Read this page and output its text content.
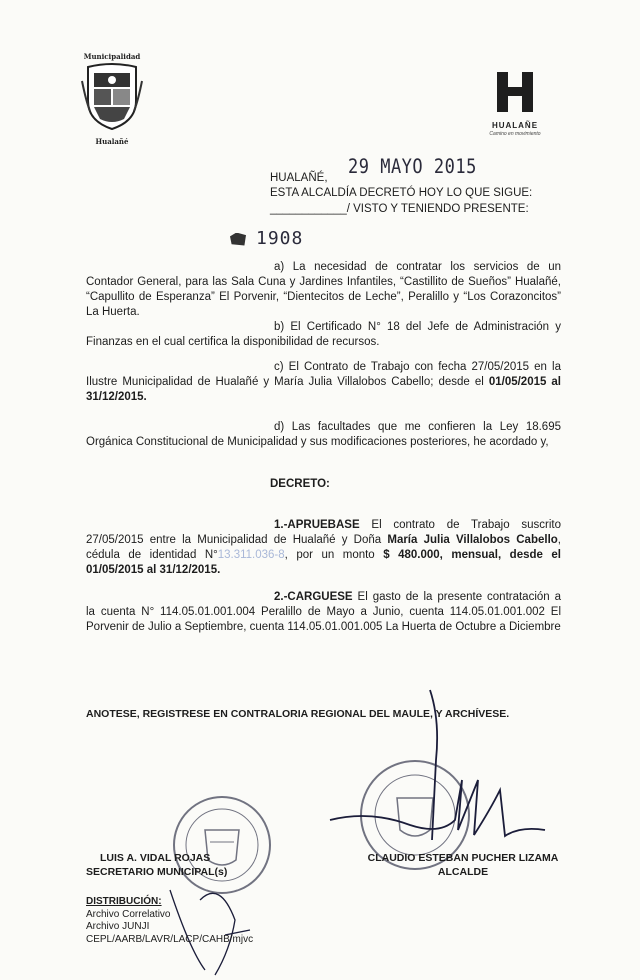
Municipalidad
Hualañé
HUALAÑE
Camino en movimiento
HUALAÑÉ, 29 MAYO 2015
ESTA ALCALDÍA DECRETÓ HOY LO QUE SIGUE:
____________/ VISTO Y TENIENDO PRESENTE:
1908
a) La necesidad de contratar los servicios de un Contador General, para las Sala Cuna y Jardines Infantiles, “Castillito de Sueños” Hualañé, “Capullito de Esperanza” El Porvenir, “Dientecitos de Leche”, Peralillo y “Los Corazoncitos” La Huerta.
b) El Certificado N° 18 del Jefe de Administración y Finanzas en el cual certifica la disponibilidad de recursos.
c) El Contrato de Trabajo con fecha 27/05/2015 en la Ilustre Municipalidad de Hualañé y María Julia Villalobos Cabello; desde el 01/05/2015 al 31/12/2015.
d) Las facultades que me confieren la Ley 18.695 Orgánica Constitucional de Municipalidad y sus modificaciones posteriores, he acordado y,
DECRETO:
1.-APRUEBASE El contrato de Trabajo suscrito 27/05/2015 entre la Municipalidad de Hualañé y Doña María Julia Villalobos Cabello, cédula de identidad N°13.311.036-8, por un monto $ 480.000, mensual, desde el 01/05/2015 al 31/12/2015.
2.-CARGUESE El gasto de la presente contratación a la cuenta N° 114.05.01.001.004 Peralillo de Mayo a Junio, cuenta 114.05.01.001.002 El Porvenir de Julio a Septiembre, cuenta 114.05.01.001.005 La Huerta de Octubre a Diciembre
ANOTESE, REGISTRESE EN CONTRALORIA REGIONAL DEL MAULE, Y ARCHÍVESE.
LUIS A. VIDAL ROJAS
SECRETARIO MUNICIPAL(s)
CLAUDIO ESTEBAN PUCHER LIZAMA
ALCALDE
DISTRIBUCIÓN:
Archivo Correlativo
Archivo JUNJI
CEPL/AARB/LAVR/LACP/CAHB/mjvc
